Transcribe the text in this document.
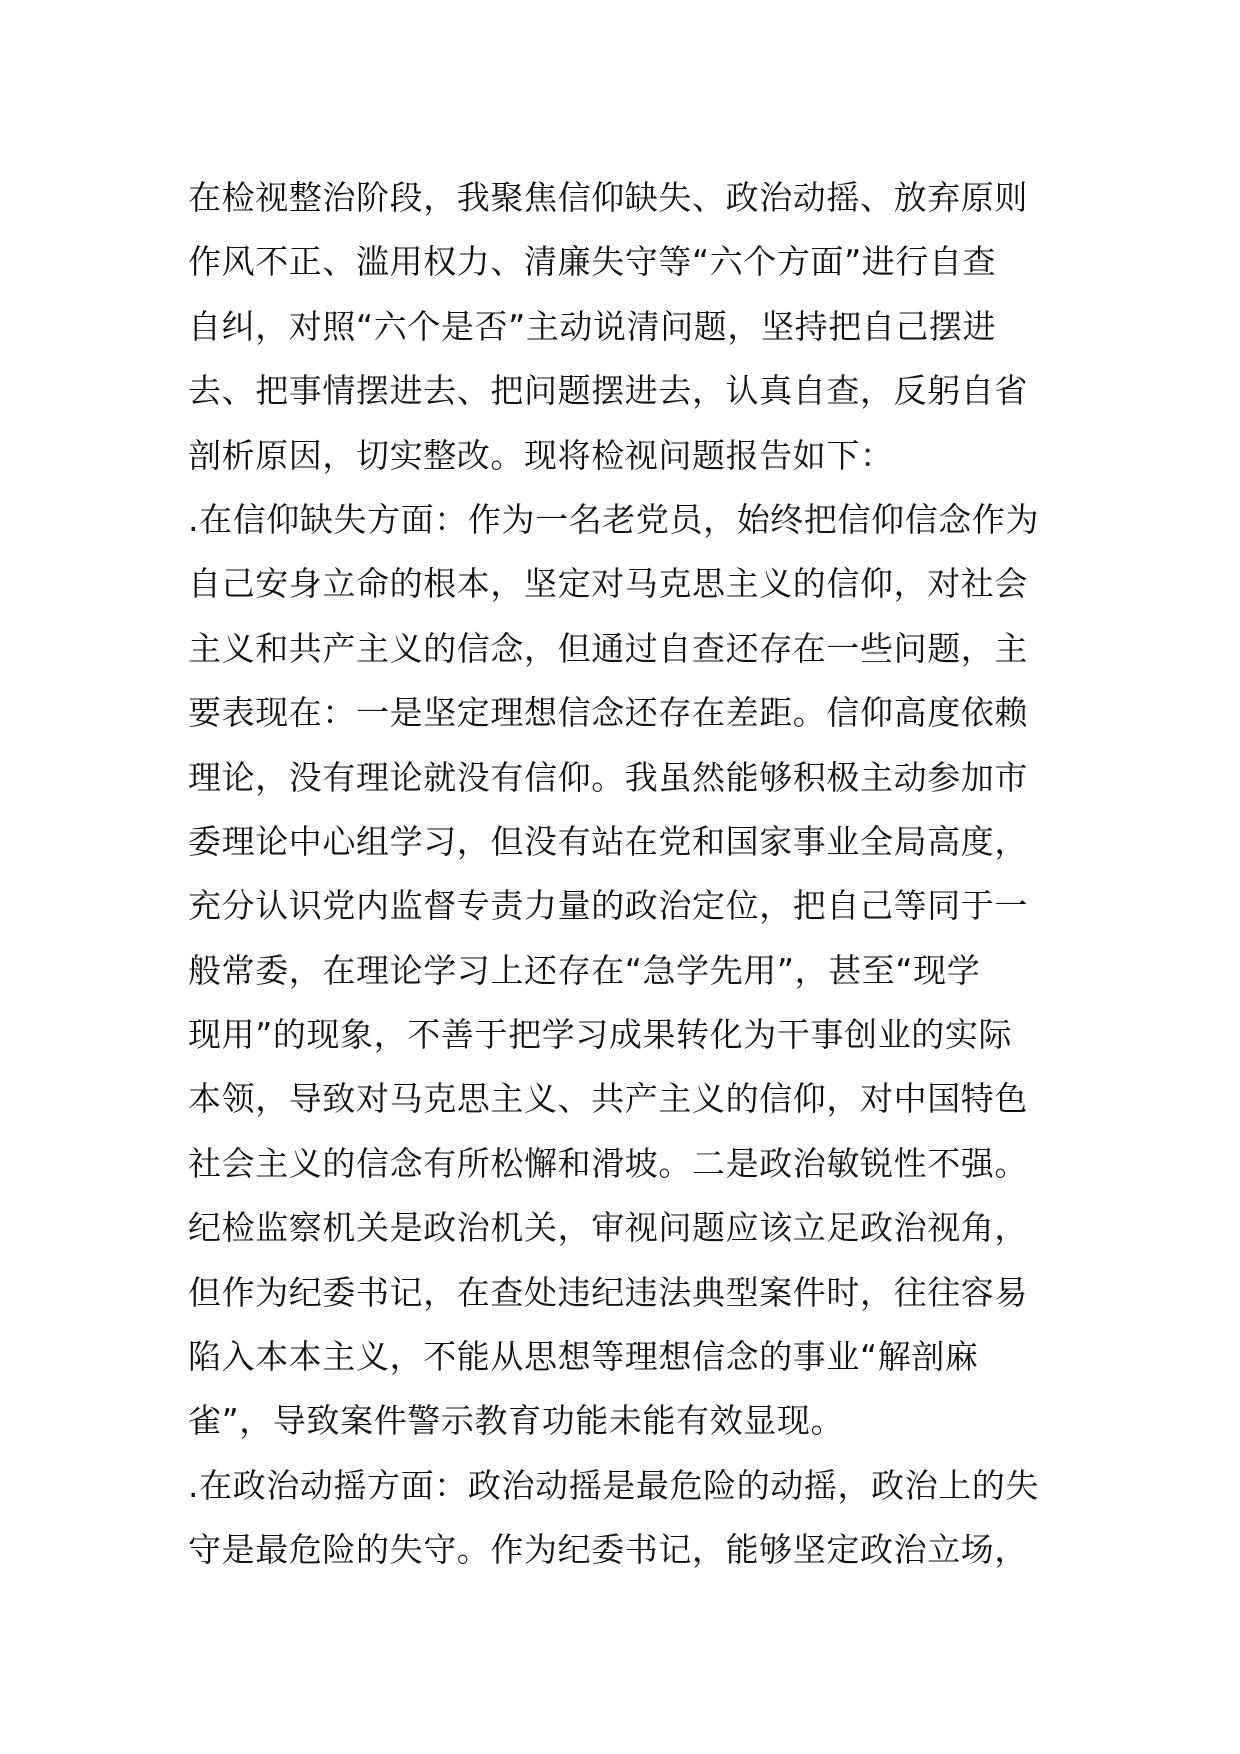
在检视整治阶段，我聚焦信仰缺失、政治动摇、放弃原则
作风不正、滥用权力、清廉失守等“六个方面”进行自查
自纠，对照“六个是否”主动说清问题，坚持把自己摆进
去、把事情摆进去、把问题摆进去，认真自查，反躬自省
剖析原因，切实整改。现将检视问题报告如下：
.在信仰缺失方面：作为一名老党员，始终把信仰信念作为
自己安身立命的根本，坚定对马克思主义的信仰，对社会
主义和共产主义的信念，但通过自查还存在一些问题，主
要表现在：一是坚定理想信念还存在差距。信仰高度依赖
理论，没有理论就没有信仰。我虽然能够积极主动参加市
委理论中心组学习，但没有站在党和国家事业全局高度，
充分认识党内监督专责力量的政治定位，把自己等同于一
般常委，在理论学习上还存在“急学先用”，甚至“现学
现用”的现象，不善于把学习成果转化为干事创业的实际
本领，导致对马克思主义、共产主义的信仰，对中国特色
社会主义的信念有所松懈和滑坡。二是政治敏锐性不强。
纪检监察机关是政治机关，审视问题应该立足政治视角，
但作为纪委书记，在查处违纪违法典型案件时，往往容易
陷入本本主义，不能从思想等理想信念的事业“解剖麻
雀”，导致案件警示教育功能未能有效显现。
.在政治动摇方面：政治动摇是最危险的动摇，政治上的失
守是最危险的失守。作为纪委书记，能够坚定政治立场，
